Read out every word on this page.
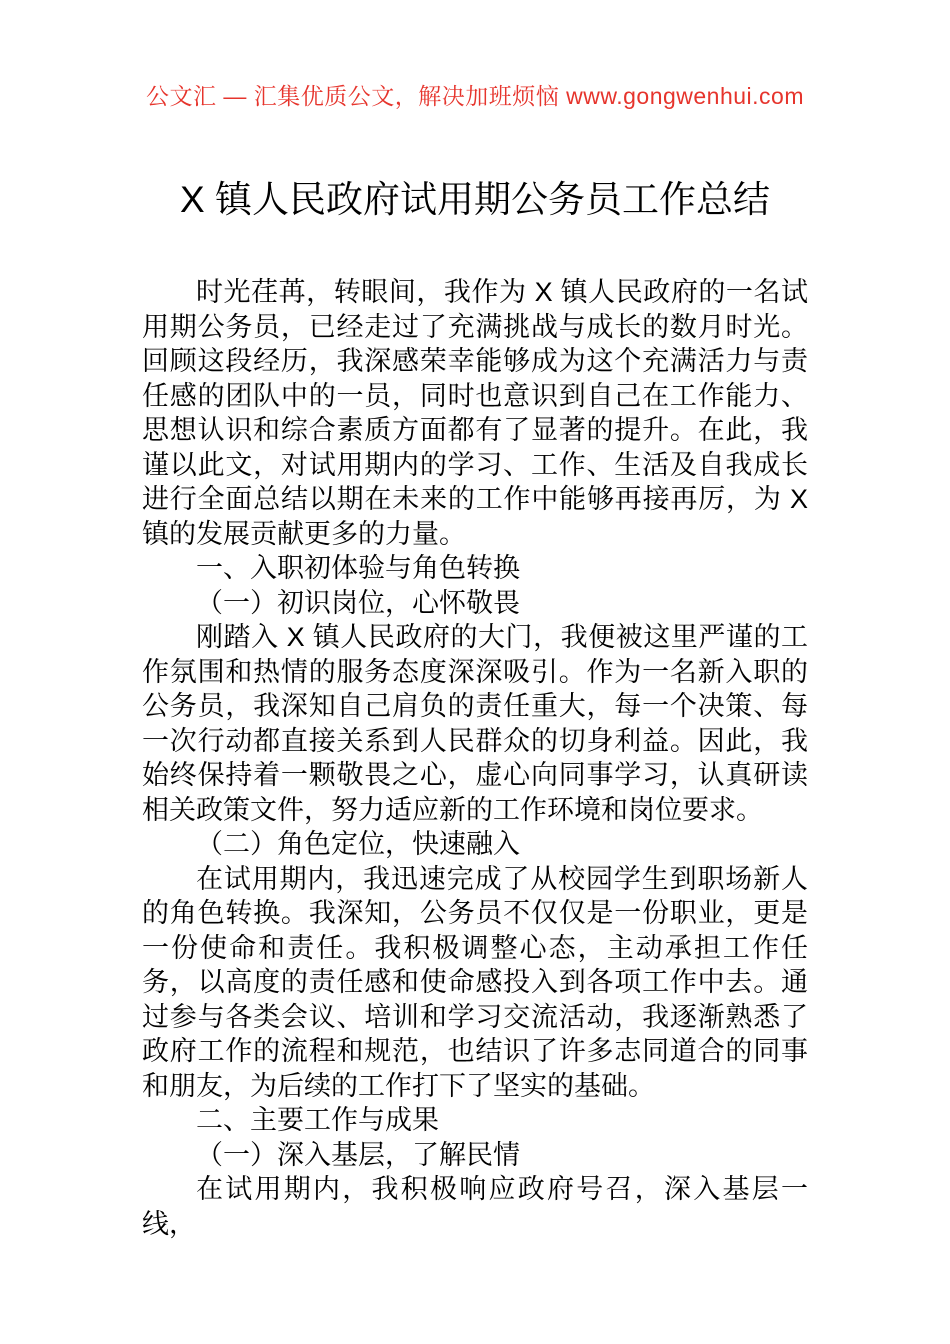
公文汇 — 汇集优质公文，解决加班烦恼 www.gongwenhui.com
X 镇人民政府试用期公务员工作总结

时光荏苒，转眼间，我作为 X 镇人民政府的一名试用期公务员，已经走过了充满挑战与成长的数月时光。回顾这段经历，我深感荣幸能够成为这个充满活力与责任感的团队中的一员，同时也意识到自己在工作能力、思想认识和综合素质方面都有了显著的提升。在此，我谨以此文，对试用期内的学习、工作、生活及自我成长进行全面总结以期在未来的工作中能够再接再厉，为 X 镇的发展贡献更多的力量。

一、入职初体验与角色转换

（一）初识岗位，心怀敬畏

刚踏入 X 镇人民政府的大门，我便被这里严谨的工作氛围和热情的服务态度深深吸引。作为一名新入职的公务员，我深知自己肩负的责任重大，每一个决策、每一次行动都直接关系到人民群众的切身利益。因此，我始终保持着一颗敬畏之心，虚心向同事学习，认真研读相关政策文件，努力适应新的工作环境和岗位要求。

（二）角色定位，快速融入

在试用期内，我迅速完成了从校园学生到职场新人的角色转换。我深知，公务员不仅仅是一份职业，更是一份使命和责任。我积极调整心态，主动承担工作任务，以高度的责任感和使命感投入到各项工作中去。通过参与各类会议、培训和学习交流活动，我逐渐熟悉了政府工作的流程和规范，也结识了许多志同道合的同事和朋友，为后续的工作打下了坚实的基础。

二、主要工作与成果

（一）深入基层，了解民情

在试用期内，我积极响应政府号召，深入基层一线，
